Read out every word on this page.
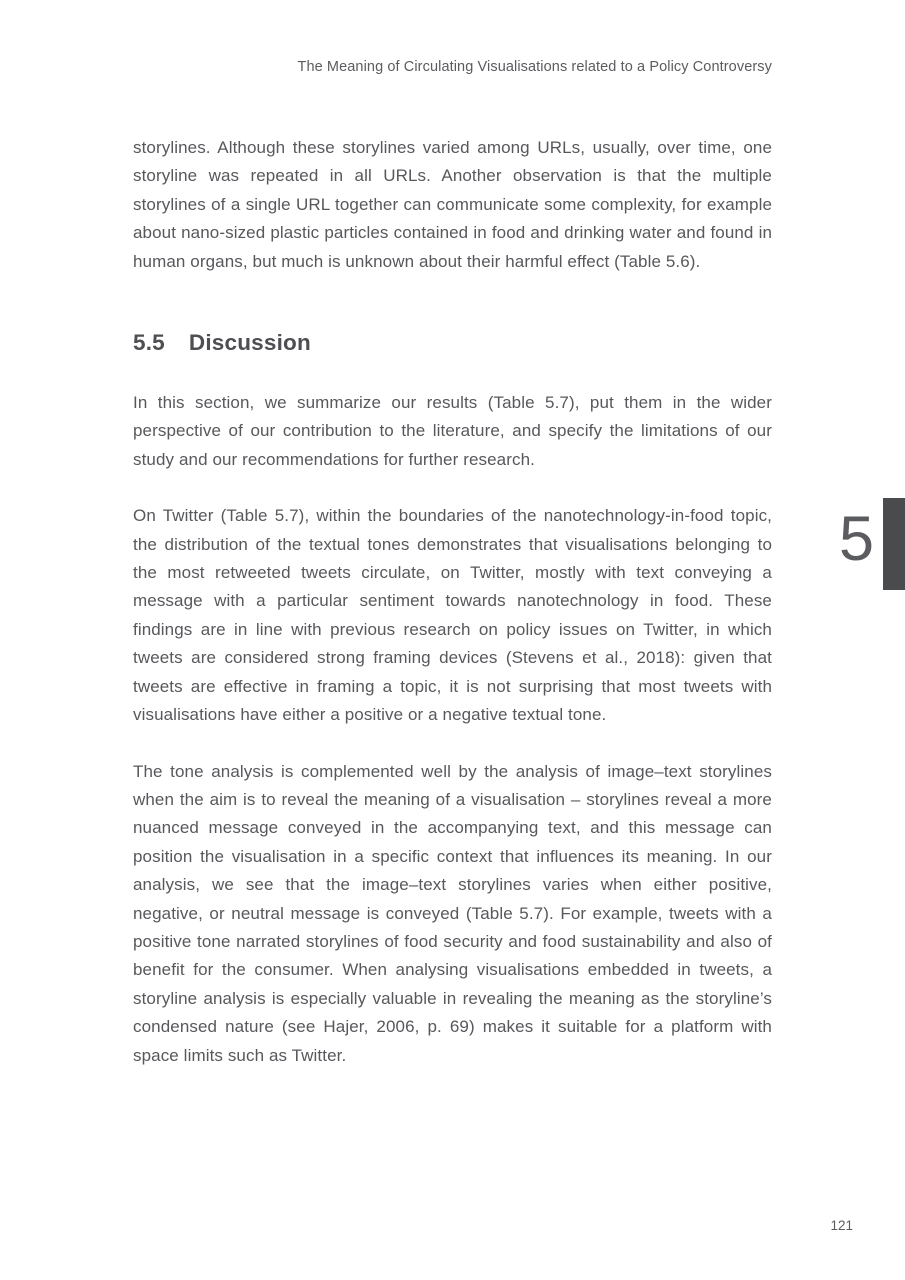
The Meaning of Circulating Visualisations related to a Policy Controversy

storylines. Although these storylines varied among URLs, usually, over time, one storyline was repeated in all URLs. Another observation is that the multiple storylines of a single URL together can communicate some complexity, for example about nano-sized plastic particles contained in food and drinking water and found in human organs, but much is unknown about their harmful effect (Table 5.6).

5.5 Discussion

In this section, we summarize our results (Table 5.7), put them in the wider perspective of our contribution to the literature, and specify the limitations of our study and our recommendations for further research.

On Twitter (Table 5.7), within the boundaries of the nanotechnology-in-food topic, the distribution of the textual tones demonstrates that visualisations belonging to the most retweeted tweets circulate, on Twitter, mostly with text conveying a message with a particular sentiment towards nanotechnology in food. These findings are in line with previous research on policy issues on Twitter, in which tweets are considered strong framing devices (Stevens et al., 2018): given that tweets are effective in framing a topic, it is not surprising that most tweets with visualisations have either a positive or a negative textual tone.

The tone analysis is complemented well by the analysis of image–text storylines when the aim is to reveal the meaning of a visualisation – storylines reveal a more nuanced message conveyed in the accompanying text, and this message can position the visualisation in a specific context that influences its meaning. In our analysis, we see that the image–text storylines varies when either positive, negative, or neutral message is conveyed (Table 5.7). For example, tweets with a positive tone narrated storylines of food security and food sustainability and also of benefit for the consumer. When analysing visualisations embedded in tweets, a storyline analysis is especially valuable in revealing the meaning as the storyline’s condensed nature (see Hajer, 2006, p. 69) makes it suitable for a platform with space limits such as Twitter.

5
121
